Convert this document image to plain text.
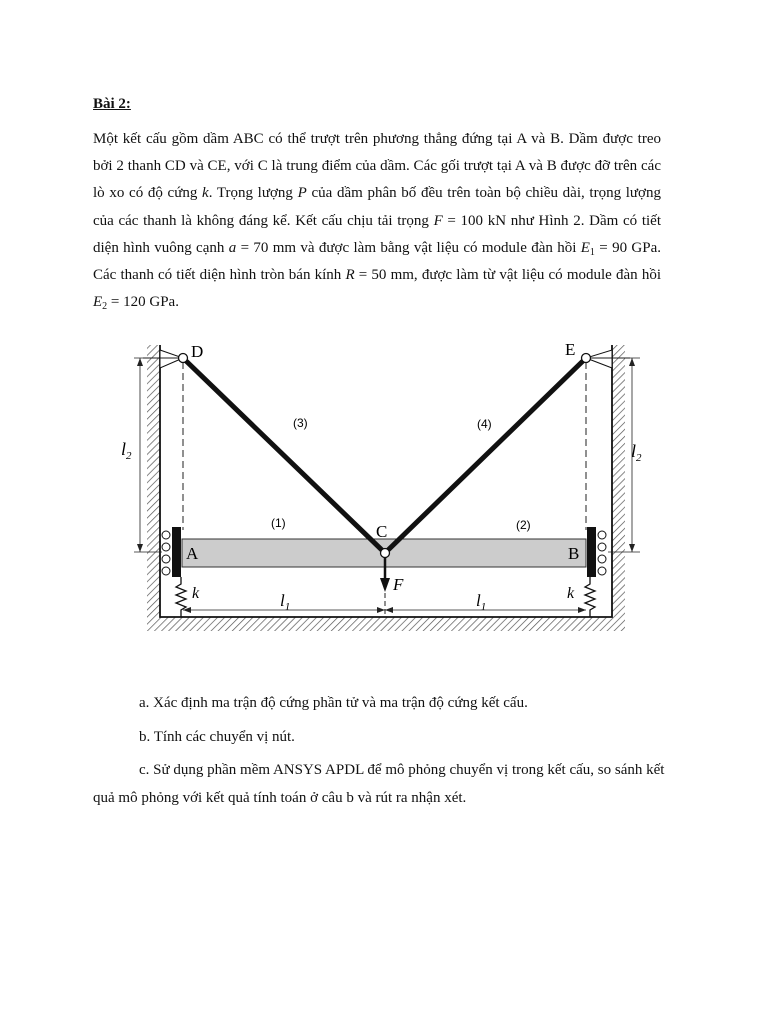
Bài 2:

Một kết cấu gồm dầm ABC có thể trượt trên phương thẳng đứng tại A và B. Dầm được treo bởi 2 thanh CD và CE, với C là trung điểm của dầm. Các gối trượt tại A và B được đỡ trên các lò xo có độ cứng k. Trọng lượng P của dầm phân bố đều trên toàn bộ chiều dài, trọng lượng của các thanh là không đáng kể. Kết cấu chịu tải trọng F = 100 kN như Hình 2. Dầm có tiết diện hình vuông cạnh a = 70 mm và được làm bằng vật liệu có module đàn hồi $E_1 = 90$ GPa. Các thanh có tiết diện hình tròn bán kính R = 50 mm, được làm từ vật liệu có module đàn hồi $E_2 = 120$ GPa.

D	E
A	B
C
(3)	(4)
(1)	(2)
F
k	k
$l_1$	$l_1$
$l_2$	$l_2$

a. Xác định ma trận độ cứng phần tử và ma trận độ cứng kết cấu.

b. Tính các chuyển vị nút.

c. Sử dụng phần mềm ANSYS APDL để mô phỏng chuyển vị trong kết cấu, so sánh kết quả mô phỏng với kết quả tính toán ở câu b và rút ra nhận xét.
